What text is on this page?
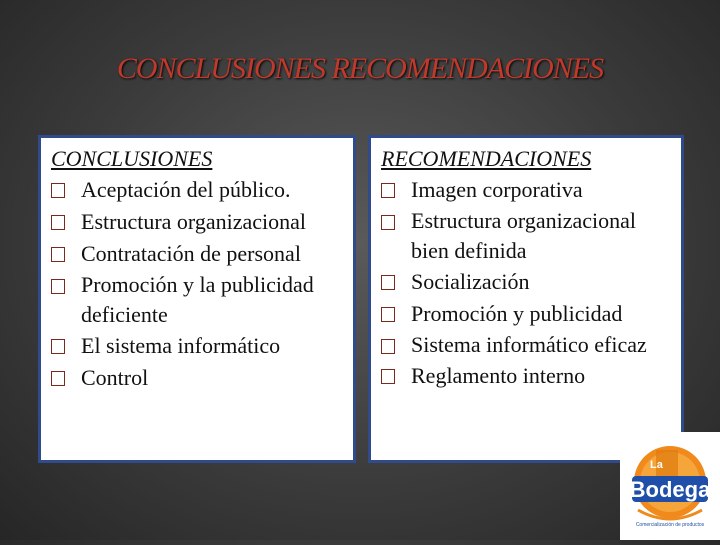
CONCLUSIONES RECOMENDACIONES
CONCLUSIONES
Aceptación del público.
Estructura organizacional
Contratación de personal
Promoción y la publicidad deficiente
El sistema informático
Control
RECOMENDACIONES
Imagen corporativa
Estructura organizacional bien definida
Socialización
Promoción y publicidad
Sistema informático eficaz
Reglamento interno
La
Bodega
Comercialización de productos
